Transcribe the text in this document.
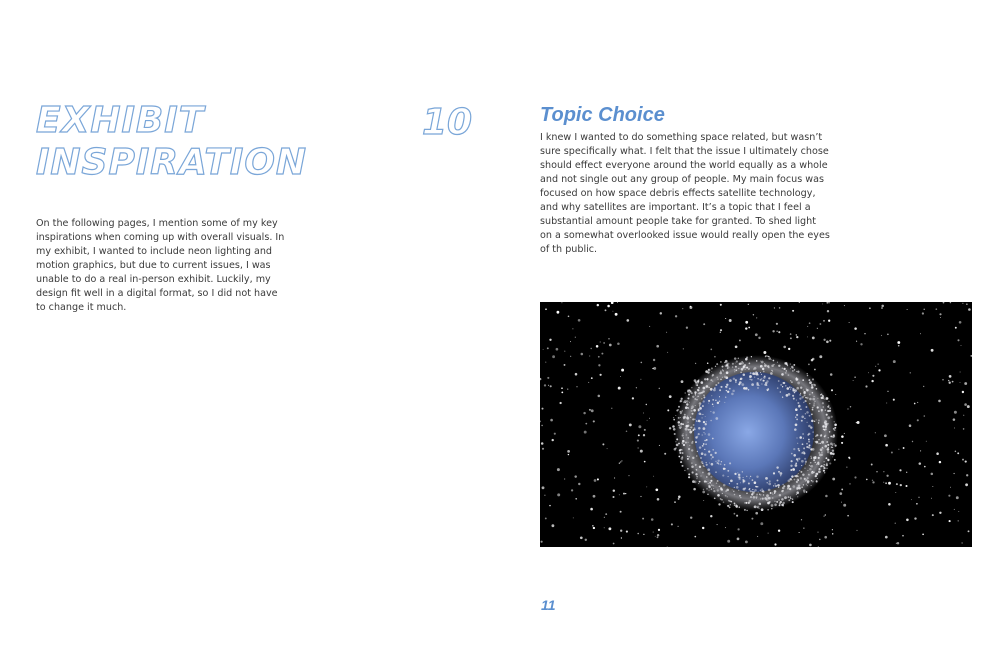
EXHIBIT
INSPIRATION
10

On the following pages, I mention some of my key inspirations when coming up with overall visuals. In my exhibit, I wanted to include neon lighting and motion graphics, but due to current issues, I was unable to do a real in-person exhibit. Luckily, my design fit well in a digital format, so I did not have to change it much.

Topic Choice

I knew I wanted to do something space related, but wasn’t sure specifically what. I felt that the issue I ultimately chose should effect everyone around the world equally as a whole and not single out any group of people. My main focus was focused on how space debris effects satellite technology, and why satellites are important. It’s a topic that I feel a substantial amount people take for granted. To shed light on a somewhat overlooked issue would really open the eyes of th public.

11
